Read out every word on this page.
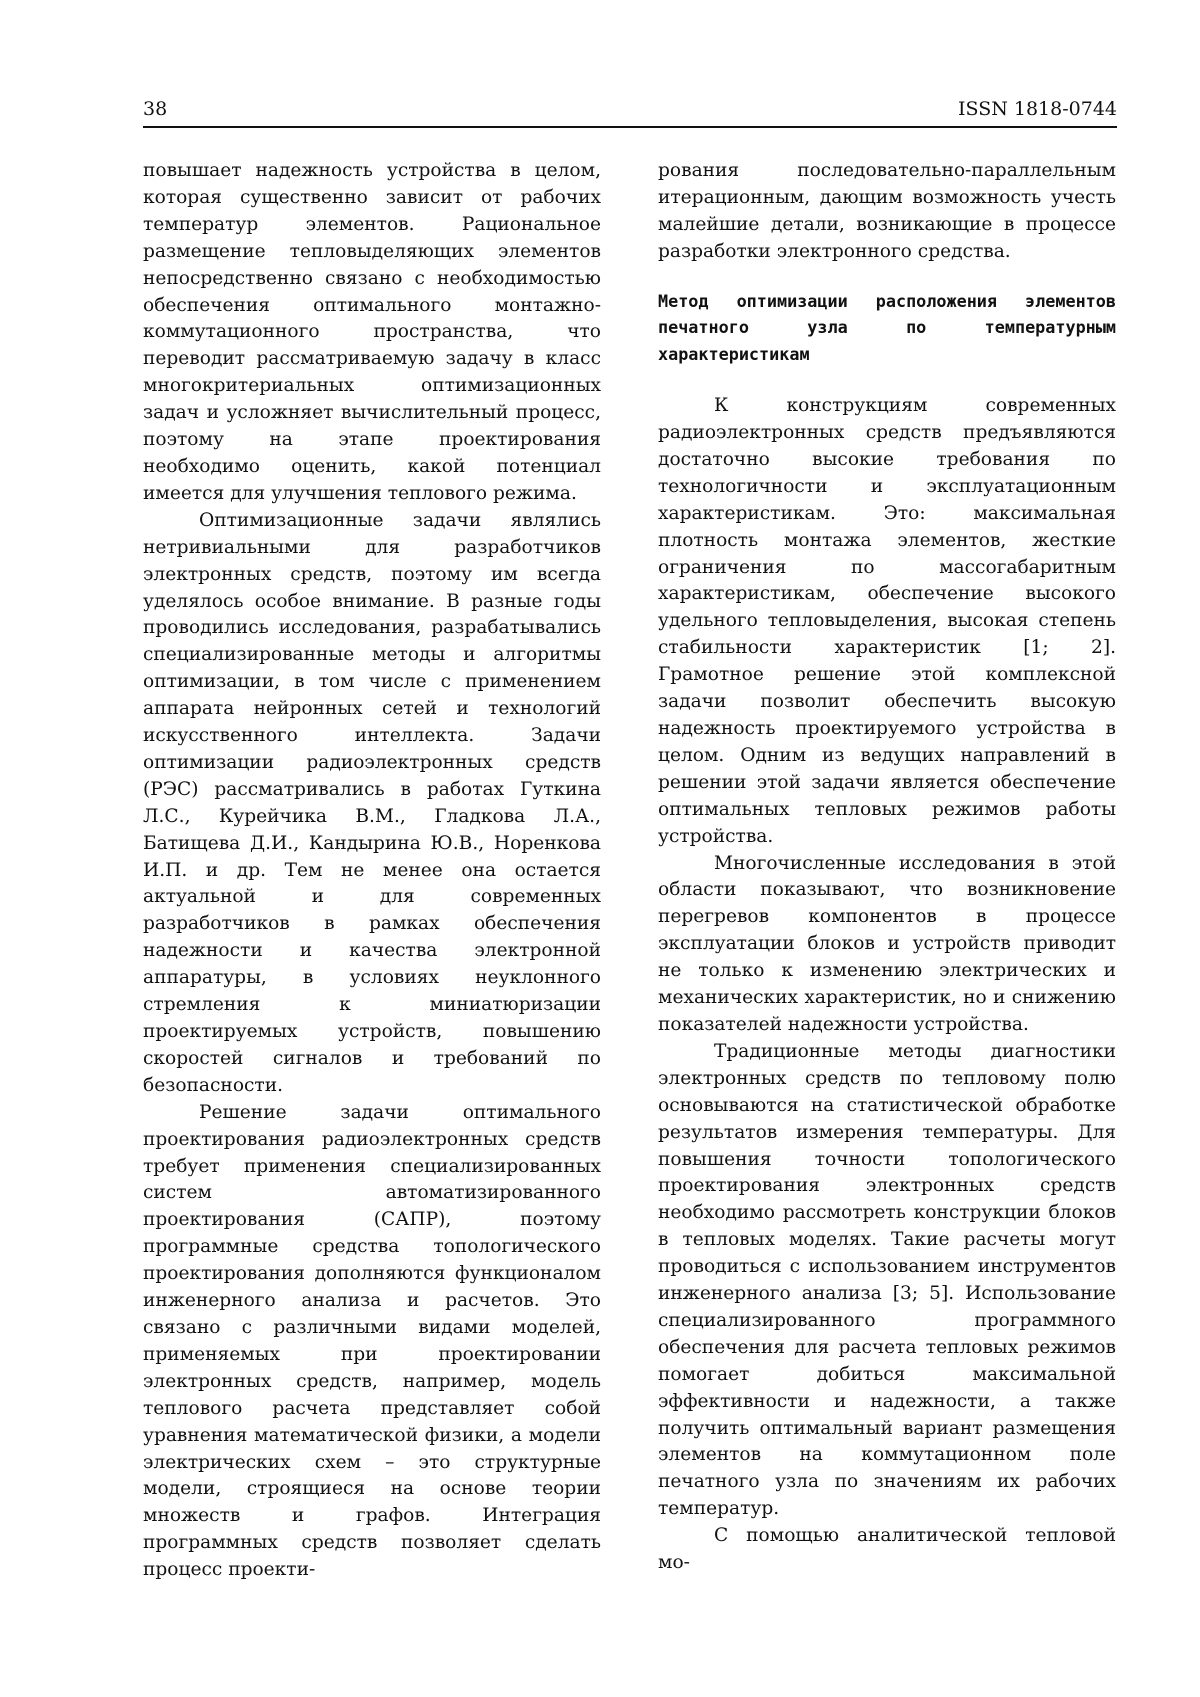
38	ISSN 1818-0744

повышает надежность устройства в целом, которая существенно зависит от рабочих температур элементов. Рациональное размещение тепловыделяющих элементов непосредственно связано с необходимостью обеспечения оптимального монтажно-коммутационного пространства, что переводит рассматриваемую задачу в класс многокритериальных оптимизационных задач и усложняет вычислительный процесс, поэтому на этапе проектирования необходимо оценить, какой потенциал имеется для улучшения теплового режима.

Оптимизационные задачи являлись нетривиальными для разработчиков электронных средств, поэтому им всегда уделялось особое внимание. В разные годы проводились исследования, разрабатывались специализированные методы и алгоритмы оптимизации, в том числе с применением аппарата нейронных сетей и технологий искусственного интеллекта. Задачи оптимизации радиоэлектронных средств (РЭС) рассматривались в работах Гуткина Л.С., Курейчика В.М., Гладкова Л.А., Батищева Д.И., Кандырина Ю.В., Норенкова И.П. и др. Тем не менее она остается актуальной и для современных разработчиков в рамках обеспечения надежности и качества электронной аппаратуры, в условиях неуклонного стремления к миниатюризации проектируемых устройств, повышению скоростей сигналов и требований по безопасности.

Решение задачи оптимального проектирования радиоэлектронных средств требует применения специализированных систем автоматизированного проектирования (САПР), поэтому программные средства топологического проектирования дополняются функционалом инженерного анализа и расчетов. Это связано с различными видами моделей, применяемых при проектировании электронных средств, например, модель теплового расчета представляет собой уравнения математической физики, а модели электрических схем – это структурные модели, строящиеся на основе теории множеств и графов. Интеграция программных средств позволяет сделать процесс проекти-

рования последовательно-параллельным итерационным, дающим возможность учесть малейшие детали, возникающие в процессе разработки электронного средства.

Метод оптимизации расположения элементов печатного узла по температурным характеристикам

К конструкциям современных радиоэлектронных средств предъявляются достаточно высокие требования по технологичности и эксплуатационным характеристикам. Это: максимальная плотность монтажа элементов, жесткие ограничения по массогабаритным характеристикам, обеспечение высокого удельного тепловыделения, высокая степень стабильности характеристик [1; 2]. Грамотное решение этой комплексной задачи позволит обеспечить высокую надежность проектируемого устройства в целом. Одним из ведущих направлений в решении этой задачи является обеспечение оптимальных тепловых режимов работы устройства.

Многочисленные исследования в этой области показывают, что возникновение перегревов компонентов в процессе эксплуатации блоков и устройств приводит не только к изменению электрических и механических характеристик, но и снижению показателей надежности устройства.

Традиционные методы диагностики электронных средств по тепловому полю основываются на статистической обработке результатов измерения температуры. Для повышения точности топологического проектирования электронных средств необходимо рассмотреть конструкции блоков в тепловых моделях. Такие расчеты могут проводиться с использованием инструментов инженерного анализа [3; 5]. Использование специализированного программного обеспечения для расчета тепловых режимов помогает добиться максимальной эффективности и надежности, а также получить оптимальный вариант размещения элементов на коммутационном поле печатного узла по значениям их рабочих температур.

С помощью аналитической тепловой мо-
